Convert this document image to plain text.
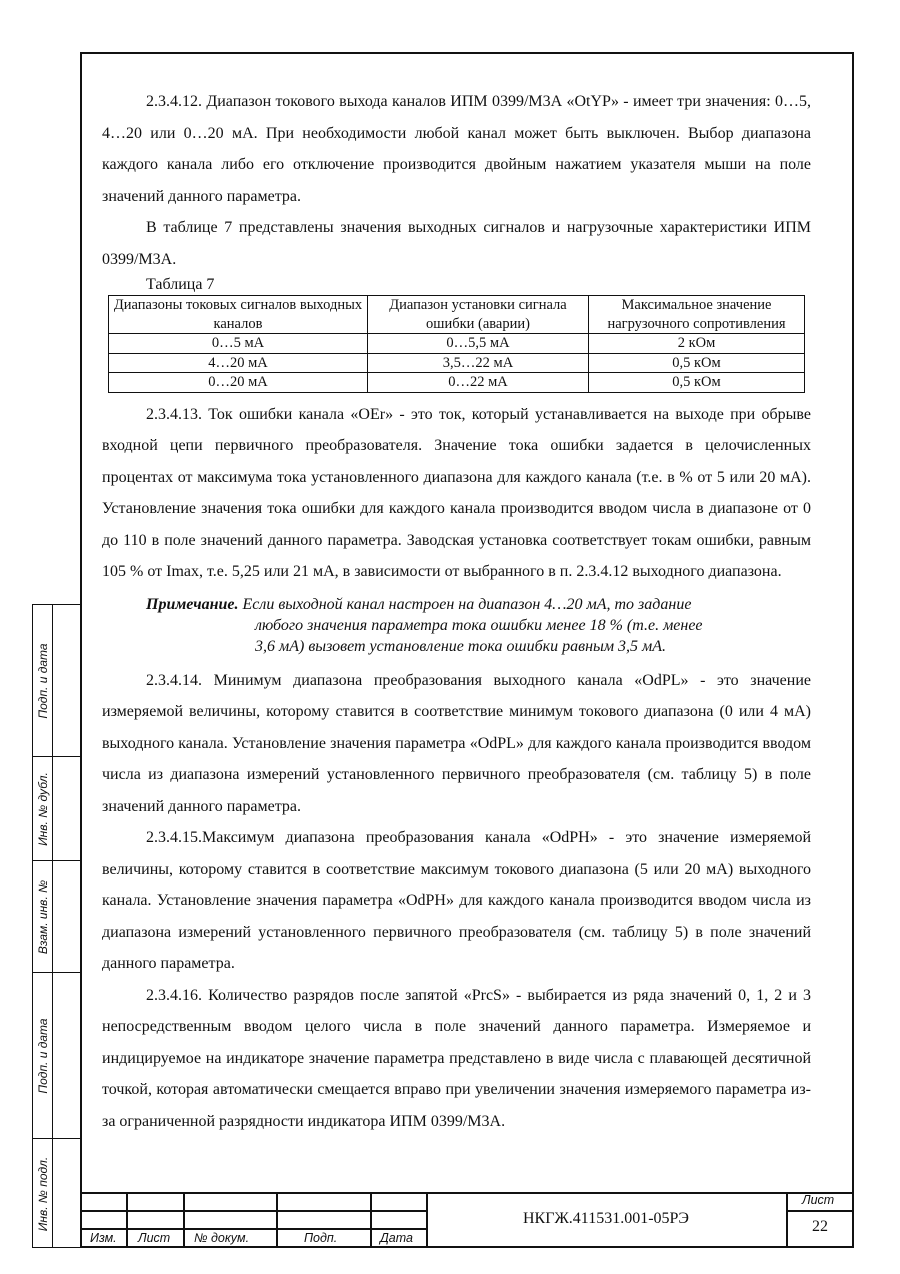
Подп. и дата
Инв. № дубл.
Взам. инв. №
Подп. и дата
Инв. № подл.

2.3.4.12. Диапазон токового выхода каналов ИПМ 0399/М3А «OtYP» - имеет три значения: 0…5, 4…20 или 0…20 мА. При необходимости любой канал может быть выключен. Выбор диапазона каждого канала либо его отключение производится двойным нажатием указателя мыши на поле значений данного параметра.

В таблице 7 представлены значения выходных сигналов и нагрузочные характеристики ИПМ 0399/М3А.

Таблица 7

Диапазоны токовых сигналов выходных каналов	Диапазон установки сигнала ошибки (аварии)	Максимальное значение нагрузочного сопротивления
0…5 мА	0…5,5 мА	2 кОм
4…20 мА	3,5…22 мА	0,5 кОм
0…20 мА	0…22 мА	0,5 кОм

2.3.4.13. Ток ошибки канала «OEr» - это ток, который устанавливается на выходе при обрыве входной цепи первичного преобразователя. Значение тока ошибки задается в целочисленных процентах от максимума тока установленного диапазона для каждого канала (т.е. в % от 5 или 20 мА). Установление значения тока ошибки для каждого канала производится вводом числа в диапазоне от 0 до 110 в поле значений данного параметра. Заводская установка соответствует токам ошибки, равным 105 % от Imax, т.е. 5,25 или 21 мА, в зависимости от выбранного в п. 2.3.4.12 выходного диапазона.

Примечание. Если выходной канал настроен на диапазон 4…20 мА, то задание
любого значения параметра тока ошибки менее 18 % (т.е. менее
3,6 мА) вызовет установление тока ошибки равным 3,5 мА.

2.3.4.14. Минимум диапазона преобразования выходного канала «OdPL» - это значение измеряемой величины, которому ставится в соответствие минимум токового диапазона (0 или 4 мА) выходного канала. Установление значения параметра «OdPL» для каждого канала производится вводом числа из диапазона измерений установленного первичного преобразователя (см. таблицу 5) в поле значений данного параметра.

2.3.4.15.Максимум диапазона преобразования канала «OdPH» - это значение измеряемой величины, которому ставится в соответствие максимум токового диапазона (5 или 20 мА) выходного канала. Установление значения параметра «OdPH» для каждого канала производится вводом числа из диапазона измерений установленного первичного преобразователя (см. таблицу 5) в поле значений данного параметра.

2.3.4.16. Количество разрядов после запятой «PrcS» - выбирается из ряда значений 0, 1, 2 и 3 непосредственным вводом целого числа в поле значений данного параметра. Измеряемое и индицируемое на индикаторе значение параметра представлено в виде числа с плавающей десятичной точкой, которая автоматически смещается вправо при увеличении значения измеряемого параметра из-за ограниченной разрядности индикатора ИПМ 0399/М3А.

Изм. Лист № докум.	Подп.	Дата
НКГЖ.411531.001-05РЭ
Лист
22
